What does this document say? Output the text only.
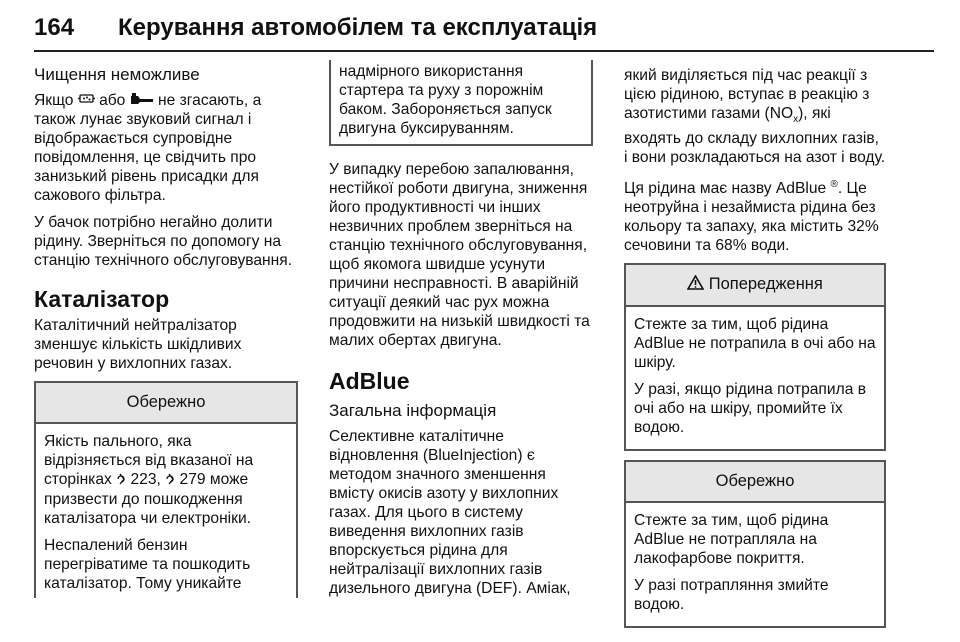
164 Керування автомобілем та експлуатація
Чищення неможливе

Якщо  або  не згасають, а також лунає звуковий сигнал і відображається супровідне повідомлення, це свідчить про занизький рівень присадки для сажового фільтра.

У бачок потрібно негайно долити рідину. Зверніться по допомогу на станцію технічного обслуговування.

Каталізатор

Каталітичний нейтралізатор зменшує кількість шкідливих речовин у вихлопних газах.

Обережно

Якість пального, яка відрізняється від вказаної на сторінках  223,  279 може призвести до пошкодження каталізатора чи електроніки.

Неспалений бензин перегріватиме та пошкодить каталізатор. Тому уникайте

надмірного використання стартера та руху з порожнім баком. Забороняється запуск двигуна буксируванням.

У випадку перебою запалювання, нестійкої роботи двигуна, зниження його продуктивності чи інших незвичних проблем зверніться на станцію технічного обслуговування, щоб якомога швидше усунути причини несправності. В аварійній ситуації деякий час рух можна продовжити на низькій швидкості та малих обертах двигуна.

AdBlue
Загальна інформація

Селективне каталітичне відновлення (BlueInjection) є методом значного зменшення вмісту окисів азоту у вихлопних газах. Для цього в систему виведення вихлопних газів впорскується рідина для нейтралізації вихлопних газів дизельного двигуна (DEF). Аміак,

який виділяється під час реакції з цією рідиною, вступає в реакцію з азотистими газами $(NO_x)$, які входять до складу вихлопних газів, і вони розкладаються на азот і воду.

Ця рідина має назву AdBlue ®. Це неотруйна і незаймиста рідина без кольору та запаху, яка містить 32% сечовини та 68% води.

Попередження

Стежте за тим, щоб рідина AdBlue не потрапила в очі або на шкіру.

У разі, якщо рідина потрапила в очі або на шкіру, промийте їх водою.

Обережно

Стежте за тим, щоб рідина AdBlue не потрапляла на лакофарбове покриття.

У разі потрапляння змийте водою.
